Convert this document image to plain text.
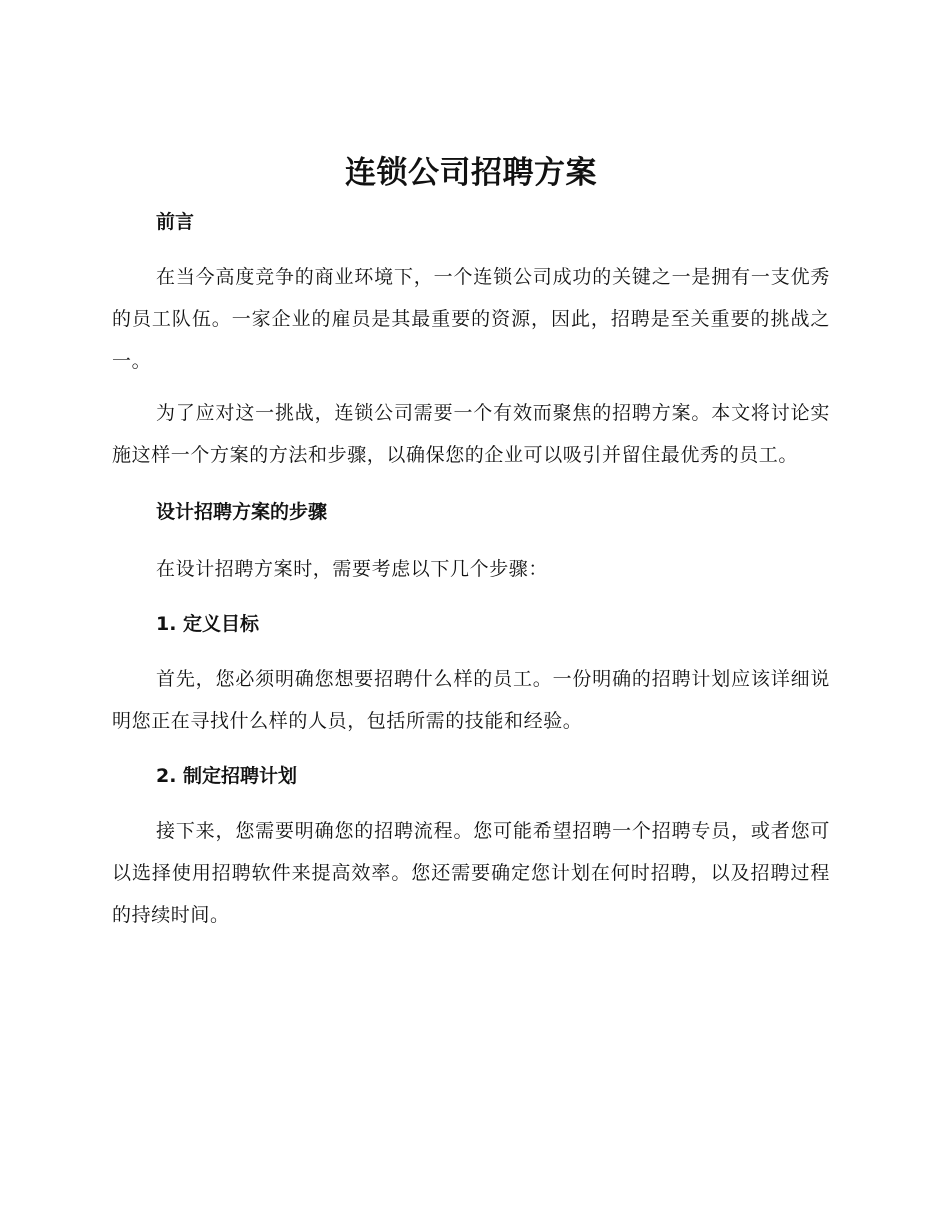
连锁公司招聘方案
前言

在当今高度竞争的商业环境下，一个连锁公司成功的关键之一是拥有一支优秀的员工队伍。一家企业的雇员是其最重要的资源，因此，招聘是至关重要的挑战之一。

为了应对这一挑战，连锁公司需要一个有效而聚焦的招聘方案。本文将讨论实施这样一个方案的方法和步骤，以确保您的企业可以吸引并留住最优秀的员工。

设计招聘方案的步骤

在设计招聘方案时，需要考虑以下几个步骤：

1. 定义目标

首先，您必须明确您想要招聘什么样的员工。一份明确的招聘计划应该详细说明您正在寻找什么样的人员，包括所需的技能和经验。

2. 制定招聘计划

接下来，您需要明确您的招聘流程。您可能希望招聘一个招聘专员，或者您可以选择使用招聘软件来提高效率。您还需要确定您计划在何时招聘，以及招聘过程的持续时间。
